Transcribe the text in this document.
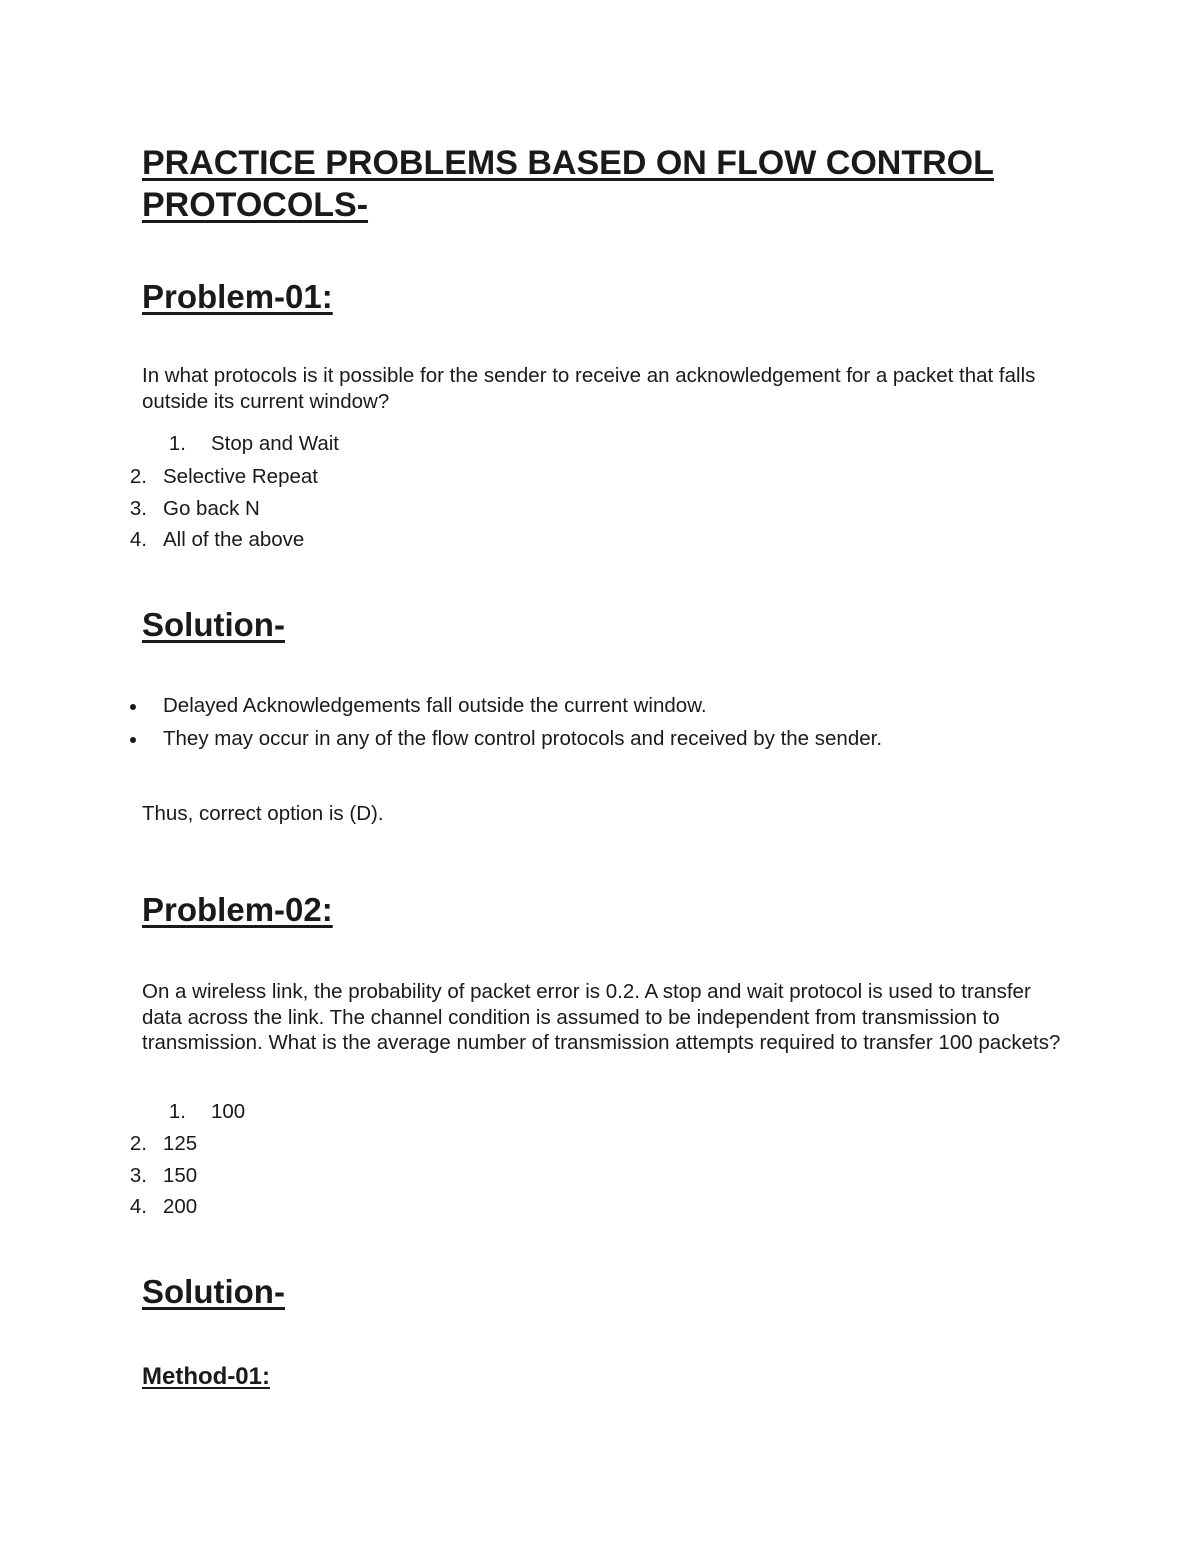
PRACTICE PROBLEMS BASED ON FLOW CONTROL PROTOCOLS-
Problem-01:

In what protocols is it possible for the sender to receive an acknowledgement for a packet that falls outside its current window?

1. Stop and Wait
2. Selective Repeat
3. Go back N
4. All of the above
Solution-
Delayed Acknowledgements fall outside the current window.
They may occur in any of the flow control protocols and received by the sender.

Thus, correct option is (D).

Problem-02:

On a wireless link, the probability of packet error is 0.2. A stop and wait protocol is used to transfer data across the link. The channel condition is assumed to be independent from transmission to transmission. What is the average number of transmission attempts required to transfer 100 packets?

1. 100
2. 125
3. 150
4. 200
Solution-
Method-01:
